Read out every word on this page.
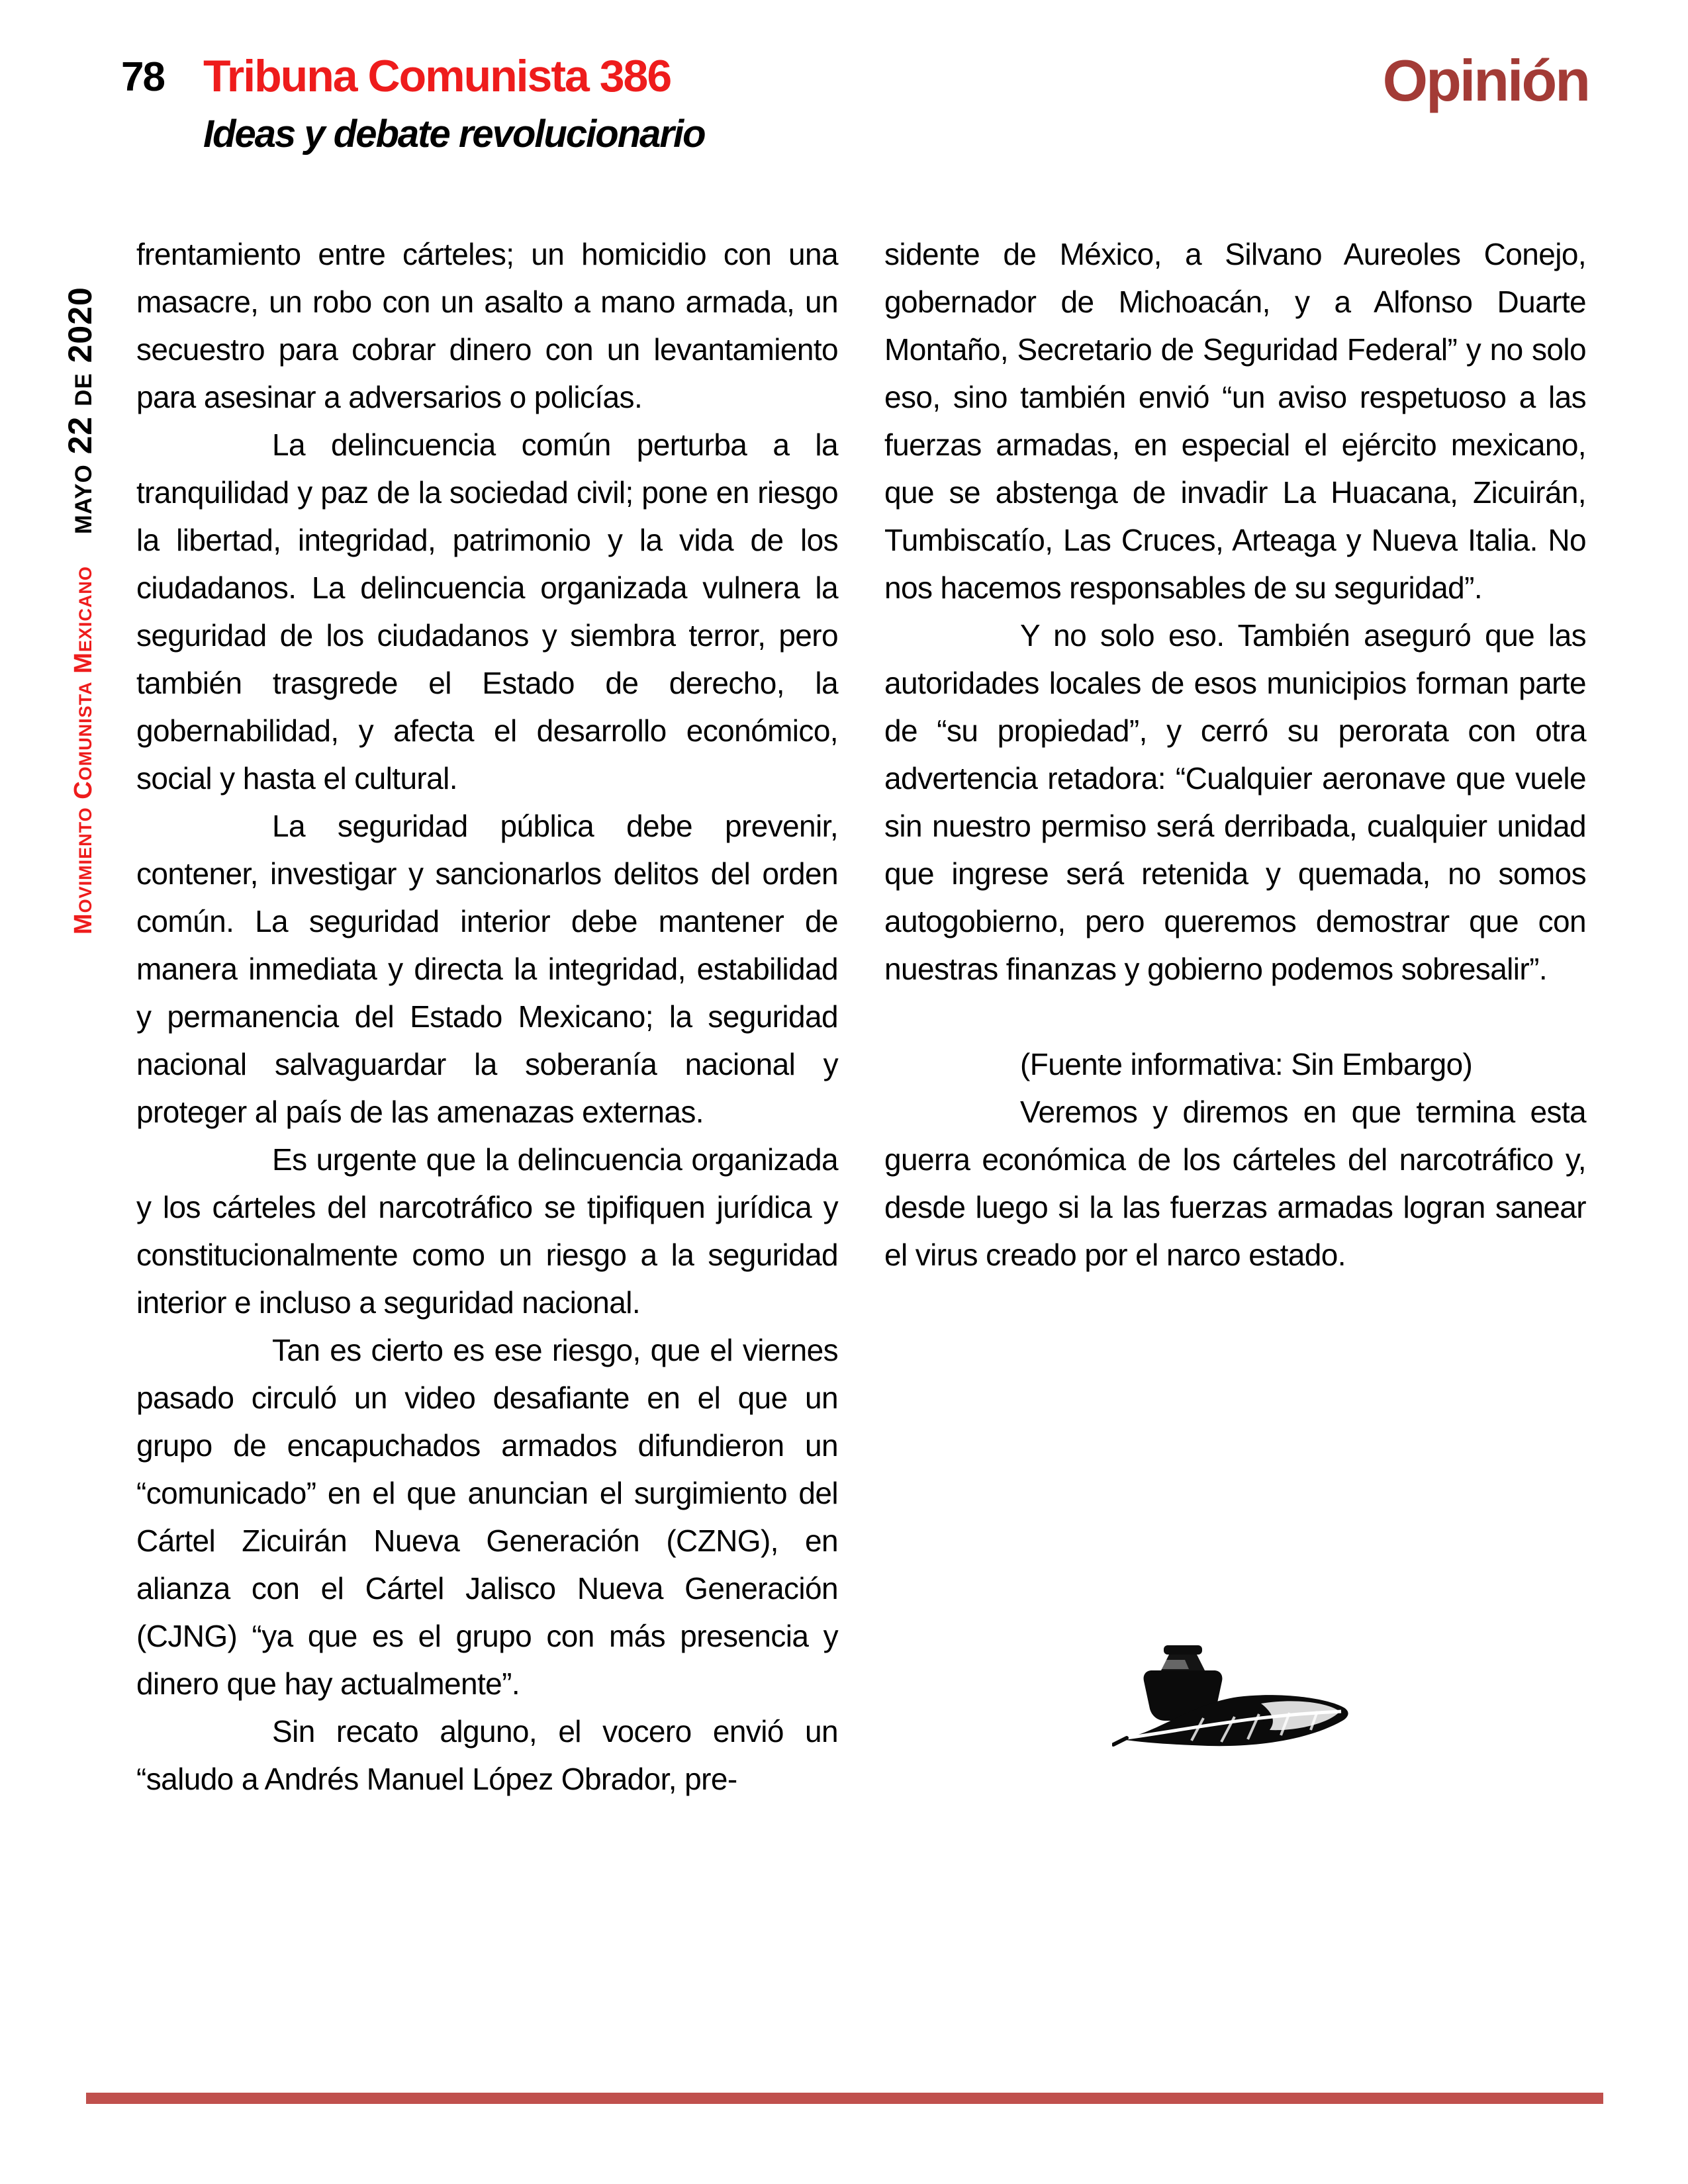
78 Tribuna Comunista 386
Ideas y debate revolucionario
Opinión
Movimiento Comunista Mexicanomayo 22 de 2020

frentamiento entre cárteles; un homicidio con una masacre, un robo con un asalto a mano armada, un secuestro para cobrar dinero con un levantamiento para asesinar a adversarios o policías.

La delincuencia común perturba a la tranquilidad y paz de la sociedad civil; pone en riesgo la libertad, integridad, patrimonio y la vida de los ciudadanos. La delincuencia organizada vulnera la seguridad de los ciudadanos y siembra terror, pero también trasgrede el Estado de derecho, la gobernabilidad, y afecta el desarrollo económico, social y hasta el cultural.

La seguridad pública debe prevenir, contener, investigar y sancionarlos delitos del orden común. La seguridad interior debe mantener de manera inmediata y directa la integridad, estabilidad y permanencia del Estado Mexicano; la seguridad nacional salvaguardar la soberanía nacional y proteger al país de las amenazas externas.

Es urgente que la delincuencia organizada y los cárteles del narcotráfico se tipifiquen jurídica y constitucionalmente como un riesgo a la seguridad interior e incluso a seguridad nacional.

Tan es cierto es ese riesgo, que el viernes pasado circuló un video desafiante en el que un grupo de encapuchados armados difundieron un “comunicado” en el que anuncian el surgimiento del Cártel Zicuirán Nueva Generación (CZNG), en alianza con el Cártel Jalisco Nueva Generación (CJNG) “ya que es el grupo con más presencia y dinero que hay actualmente”.

Sin recato alguno, el vocero envió un “saludo a Andrés Manuel López Obrador, pre-

sidente de México, a Silvano Aureoles Conejo, gobernador de Michoacán, y a Alfonso Duarte Montaño, Secretario de Seguridad Federal” y no solo eso, sino también envió “un aviso respetuoso a las fuerzas armadas, en especial el ejército mexicano, que se abstenga de invadir La Huacana, Zicuirán, Tumbiscatío, Las Cruces, Arteaga y Nueva Italia. No nos hacemos responsables de su seguridad”.

Y no solo eso. También aseguró que las autoridades locales de esos municipios forman parte de “su propiedad”, y cerró su perorata con otra advertencia retadora: “Cualquier aeronave que vuele sin nuestro permiso será derribada, cualquier unidad que ingrese será retenida y quemada, no somos autogobierno, pero queremos demostrar que con nuestras finanzas y gobierno podemos sobresalir”.

(Fuente informativa: Sin Embargo)

Veremos y diremos en que termina esta guerra económica de los cárteles del narcotráfico y, desde luego si la las fuerzas armadas logran sanear el virus creado por el narco estado.
